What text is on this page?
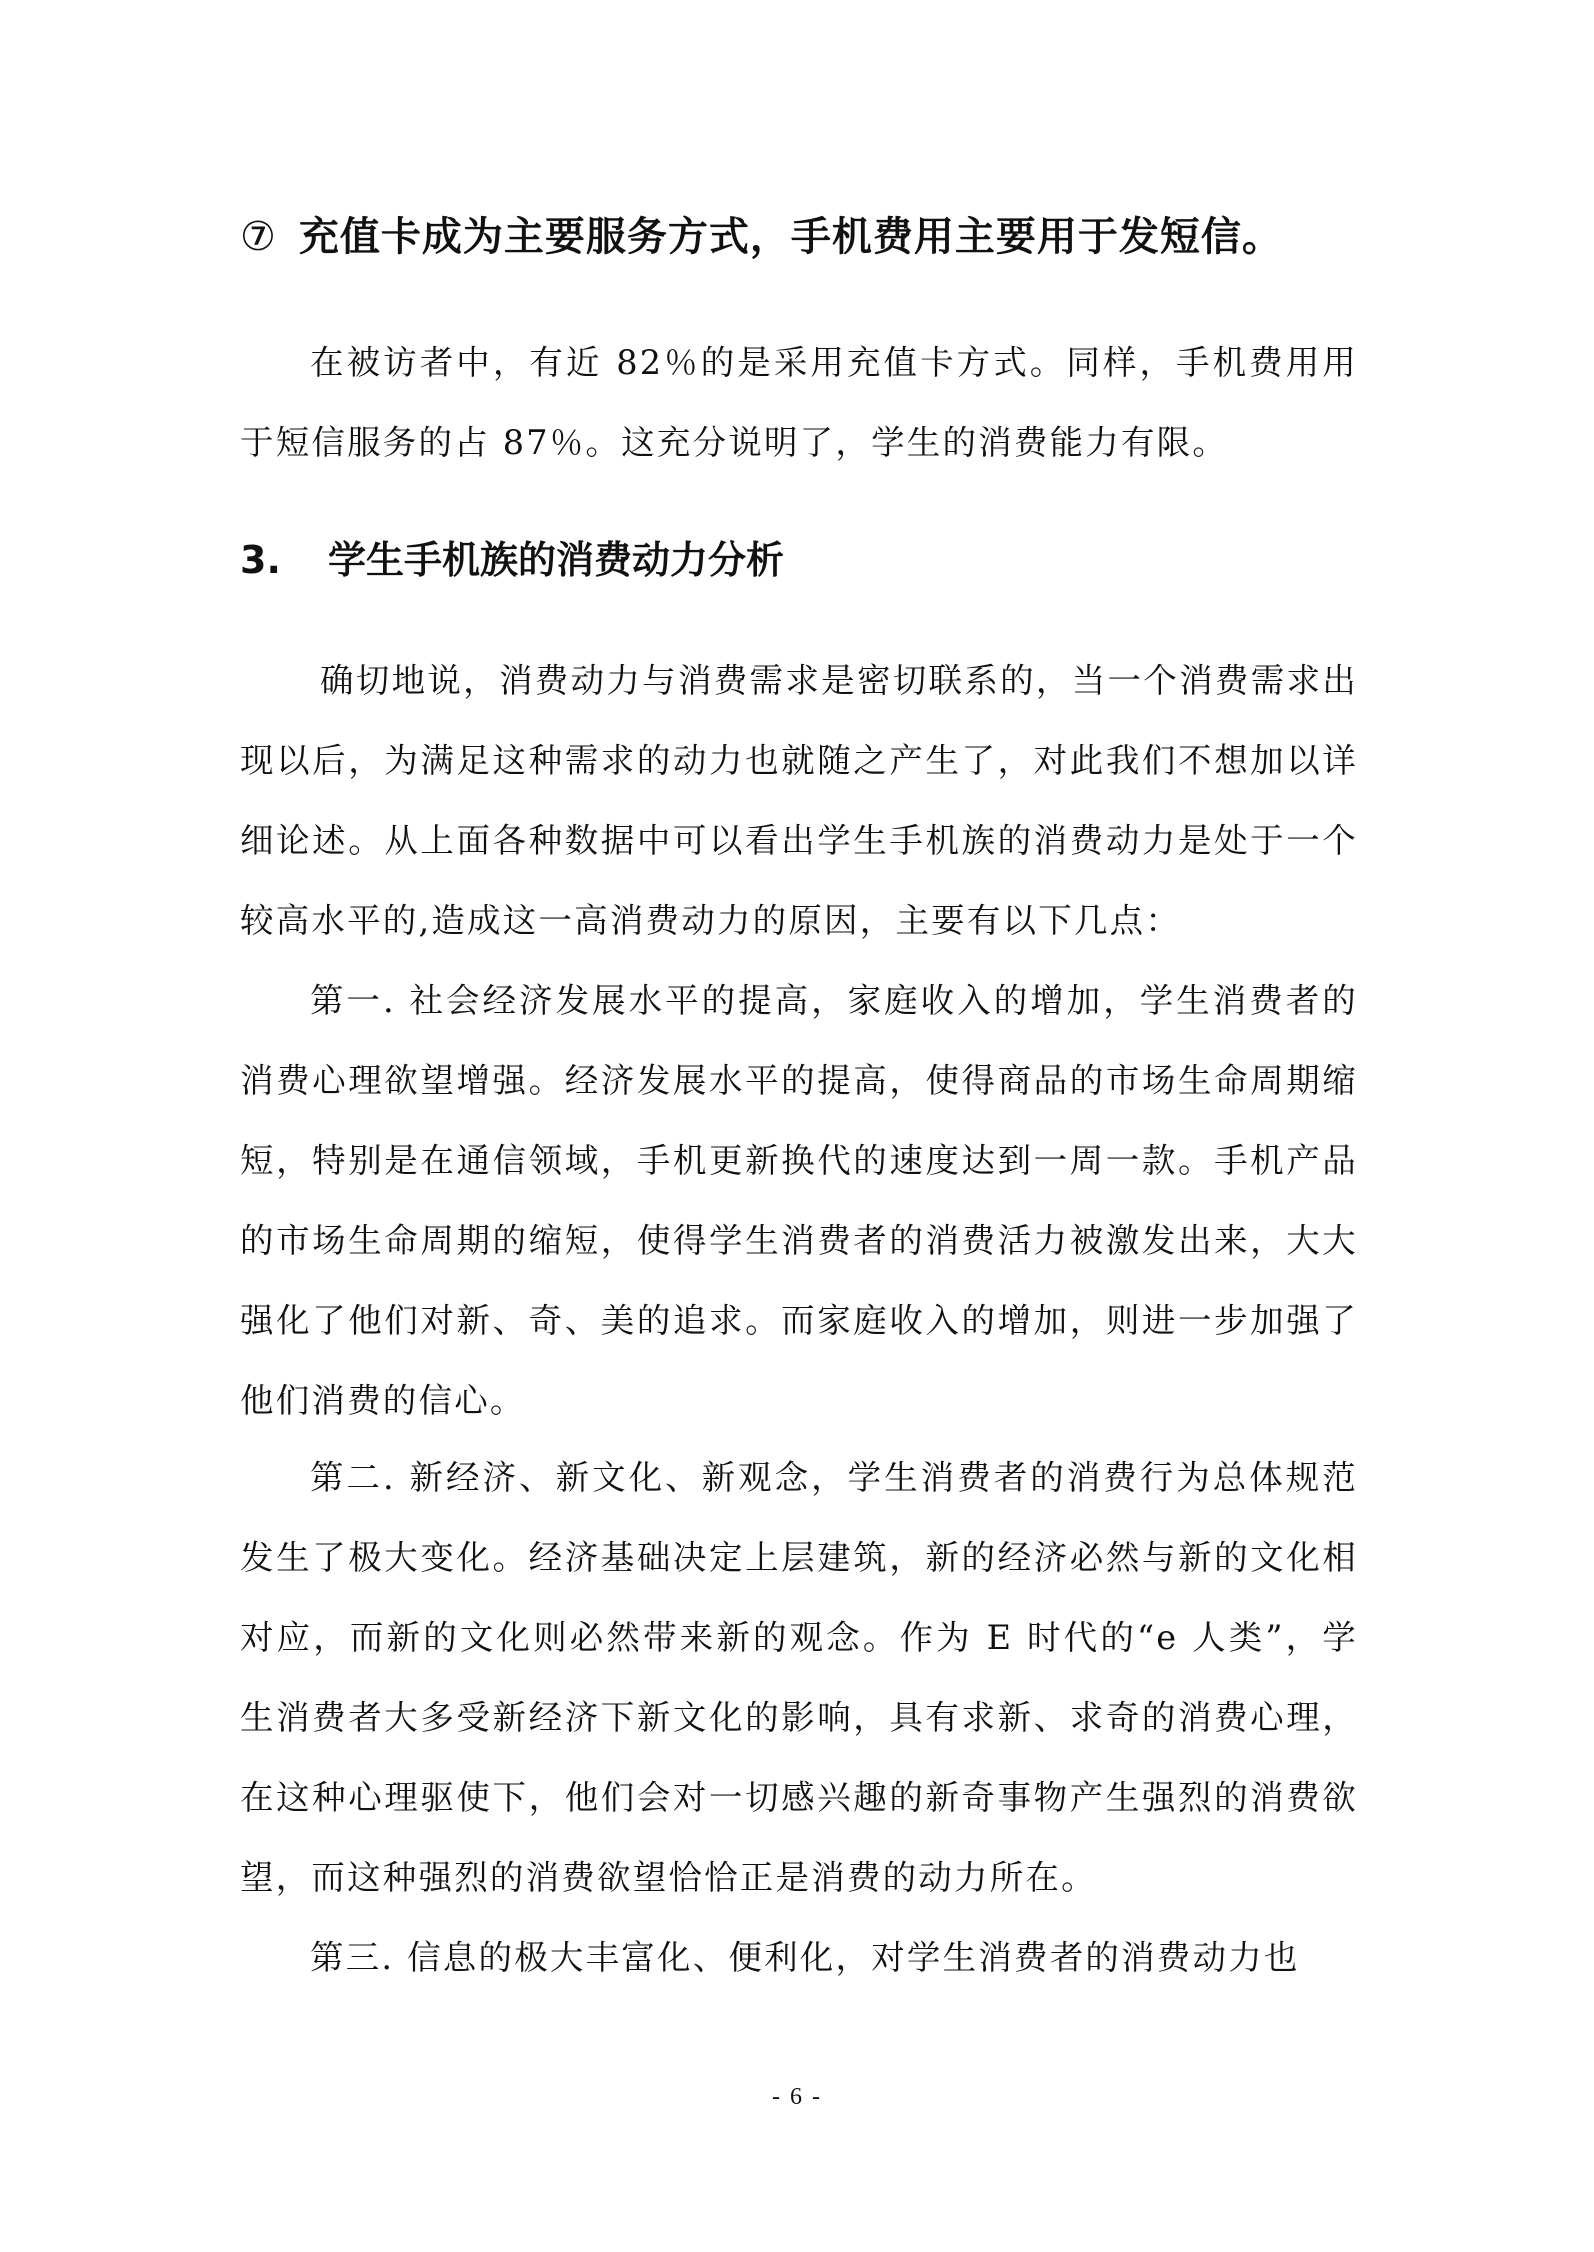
⑦ 充值卡成为主要服务方式，手机费用主要用于发短信。
在被访者中，有近 82％的是采用充值卡方式。同样，手机费用用于短信服务的占 87％。这充分说明了，学生的消费能力有限。
3. 学生手机族的消费动力分析
确切地说，消费动力与消费需求是密切联系的，当一个消费需求出现以后，为满足这种需求的动力也就随之产生了，对此我们不想加以详细论述。从上面各种数据中可以看出学生手机族的消费动力是处于一个较高水平的,造成这一高消费动力的原因，主要有以下几点：
第一. 社会经济发展水平的提高，家庭收入的增加，学生消费者的消费心理欲望增强。经济发展水平的提高，使得商品的市场生命周期缩短，特别是在通信领域，手机更新换代的速度达到一周一款。手机产品的市场生命周期的缩短，使得学生消费者的消费活力被激发出来，大大强化了他们对新、奇、美的追求。而家庭收入的增加，则进一步加强了他们消费的信心。
第二. 新经济、新文化、新观念，学生消费者的消费行为总体规范发生了极大变化。经济基础决定上层建筑，新的经济必然与新的文化相对应，而新的文化则必然带来新的观念。作为 E 时代的“e 人类”，学生消费者大多受新经济下新文化的影响，具有求新、求奇的消费心理，在这种心理驱使下，他们会对一切感兴趣的新奇事物产生强烈的消费欲望，而这种强烈的消费欲望恰恰正是消费的动力所在。
第三. 信息的极大丰富化、便利化，对学生消费者的消费动力也
- 6 -
